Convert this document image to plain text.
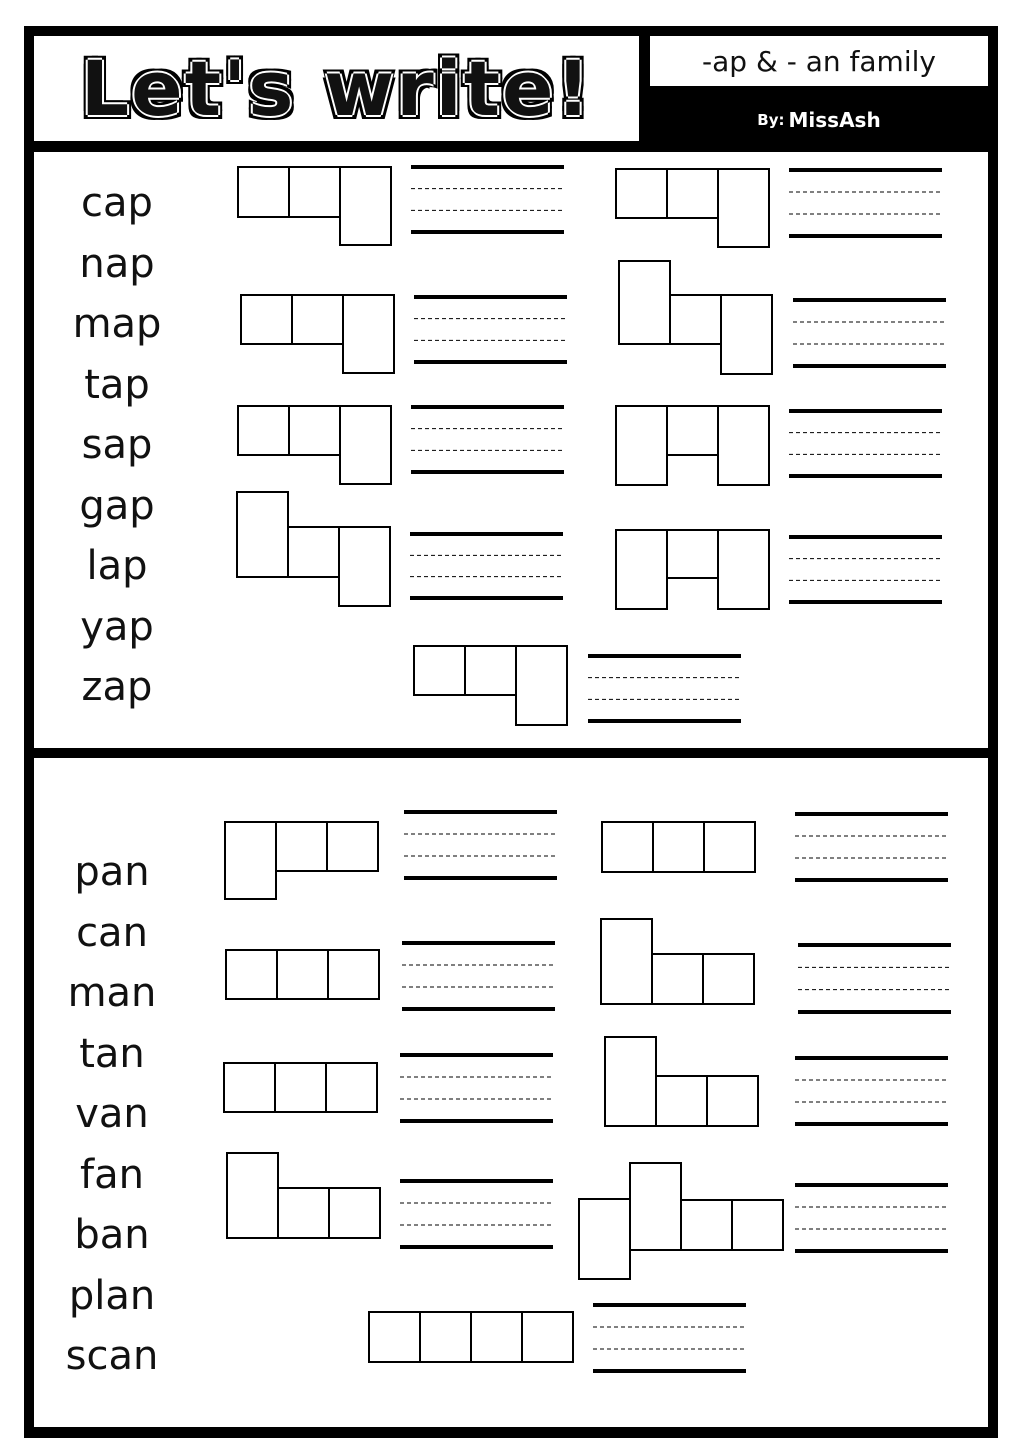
Let's write!	-ap & - an family
By: MissAsh
cap
nap
map
tap
sap
gap
lap
yap
zap
pan
can
man
tan
van
fan
ban
plan
scan
1
